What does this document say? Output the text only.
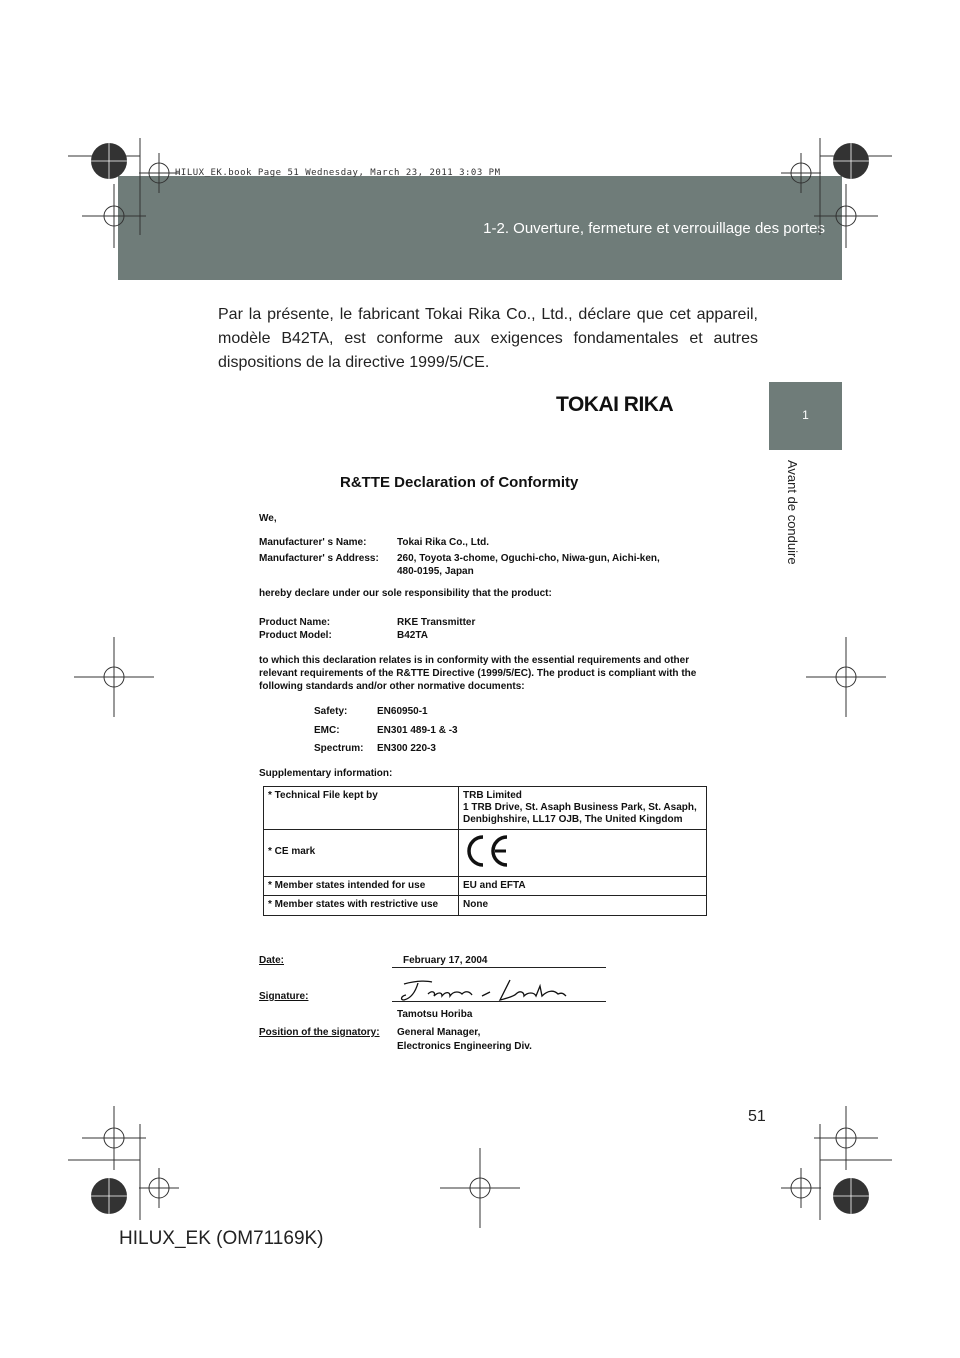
HILUX_EK.book Page 51 Wednesday, March 23, 2011 3:03 PM
1-2. Ouverture, fermeture et verrouillage des portes
1
Avant de conduire
Par la présente, le fabricant Tokai Rika Co., Ltd., déclare que cet appareil, modèle B42TA, est conforme aux exigences fondamentales et autres dispositions de la directive 1999/5/CE.
TOKAI RIKA
R&TTE Declaration of Conformity
We,
Manufacturer' s Name:	Tokai Rika Co., Ltd.
Manufacturer' s Address: 260, Toyota 3-chome, Oguchi-cho, Niwa-gun, Aichi-ken,
480-0195, Japan
hereby declare under our sole responsibility that the product:
Product Name:	RKE Transmitter
Product Model:	B42TA
to which this declaration relates is in conformity with the essential requirements and other relevant requirements of the R&TTE Directive (1999/5/EC). The product is compliant with the following standards and/or other normative documents:
Safety:	EN60950-1
EMC:	EN301 489-1 & -3
Spectrum: EN300 220-3
Supplementary information:
* Technical File kept by	TRB Limited
1 TRB Drive, St. Asaph Business Park, St. Asaph, Denbighshire, LL17 OJB, The United Kingdom
* CE mark	
* Member states intended for use	EU and EFTA
* Member states with restrictive use	None
Date:	February 17, 2004
Signature:
Tamotsu Horiba
Position of the signatory: General Manager,
Electronics Engineering Div.
51
HILUX_EK (OM71169K)
